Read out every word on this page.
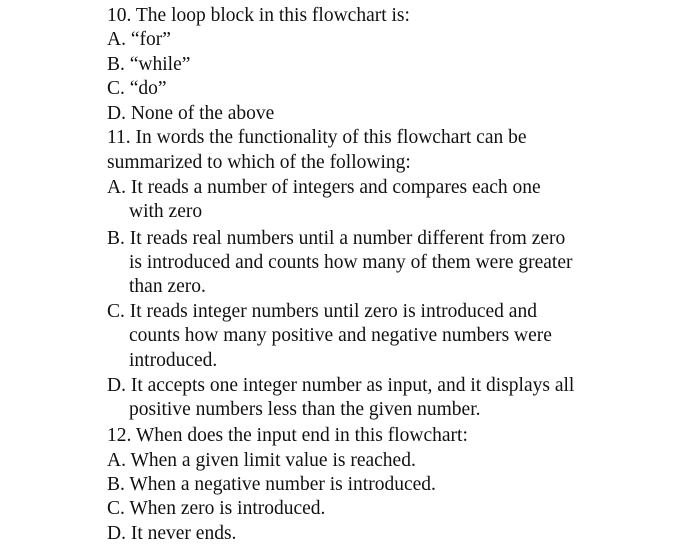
10. The loop block in this flowchart is:
A. “for”
B. “while”
C. “do”
D. None of the above
11. In words the functionality of this flowchart can be
summarized to which of the following:
A. It reads a number of integers and compares each one
with zero
B. It reads real numbers until a number different from zero
is introduced and counts how many of them were greater
than zero.
C. It reads integer numbers until zero is introduced and
counts how many positive and negative numbers were
introduced.
D. It accepts one integer number as input, and it displays all
positive numbers less than the given number.
12. When does the input end in this flowchart:
A. When a given limit value is reached.
B. When a negative number is introduced.
C. When zero is introduced.
D. It never ends.
